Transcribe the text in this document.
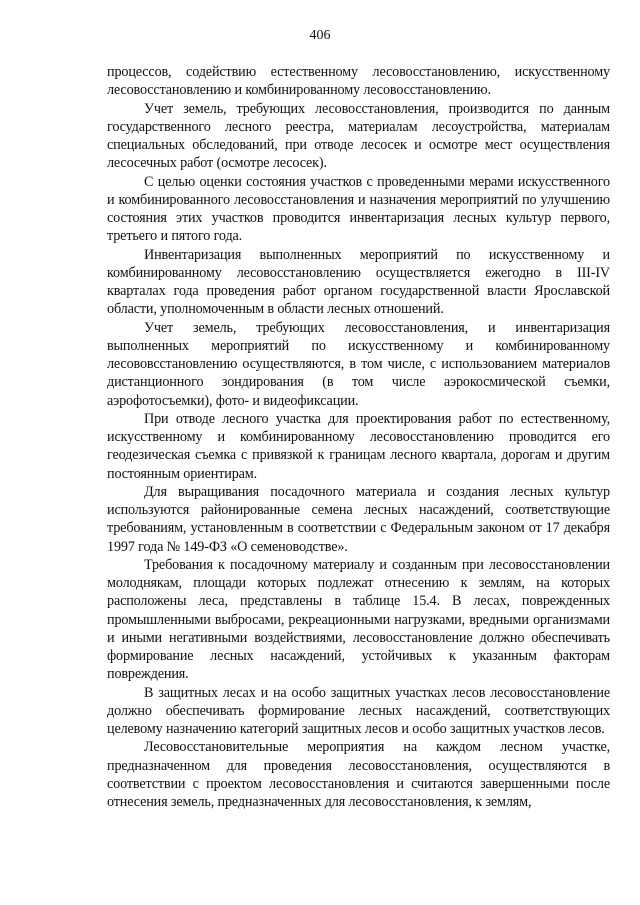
406

процессов, содействию естественному лесовосстановлению, искусственному лесовосстановлению и комбинированному лесовосстановлению.

Учет земель, требующих лесовосстановления, производится по данным государственного лесного реестра, материалам лесоустройства, материалам специальных обследований, при отводе лесосек и осмотре мест осуществления лесосечных работ (осмотре лесосек).

С целью оценки состояния участков с проведенными мерами искусственного и комбинированного лесовосстановления и назначения мероприятий по улучшению состояния этих участков проводится инвентаризация лесных культур первого, третьего и пятого года.

Инвентаризация выполненных мероприятий по искусственному и комбинированному лесовосстановлению осуществляется ежегодно в III-IV кварталах года проведения работ органом государственной власти Ярославской области, уполномоченным в области лесных отношений.

Учет земель, требующих лесовосстановления, и инвентаризация выполненных мероприятий по искусственному и комбинированному лесововсстановлению осуществляются, в том числе, с использованием материалов дистанционного зондирования (в том числе аэрокосмической съемки, аэрофотосъемки), фото- и видеофиксации.

При отводе лесного участка для проектирования работ по естественному, искусственному и комбинированному лесовосстановлению проводится его геодезическая съемка с привязкой к границам лесного квартала, дорогам и другим постоянным ориентирам.

Для выращивания посадочного материала и создания лесных культур используются районированные семена лесных насаждений, соответствующие требованиям, установленным в соответствии с Федеральным законом от 17 декабря 1997 года № 149-ФЗ «О семеноводстве».

Требования к посадочному материалу и созданным при лесовосстановлении молоднякам, площади которых подлежат отнесению к землям, на которых расположены леса, представлены в таблице 15.4. В лесах, поврежденных промышленными выбросами, рекреационными нагрузками, вредными организмами и иными негативными воздействиями, лесовосстановление должно обеспечивать формирование лесных насаждений, устойчивых к указанным факторам повреждения.

В защитных лесах и на особо защитных участках лесов лесовосстановление должно обеспечивать формирование лесных насаждений, соответствующих целевому назначению категорий защитных лесов и особо защитных участков лесов.

Лесовосстановительные мероприятия на каждом лесном участке, предназначенном для проведения лесовосстановления, осуществляются в соответствии с проектом лесовосстановления и считаются завершенными после отнесения земель, предназначенных для лесовосстановления, к землям,
